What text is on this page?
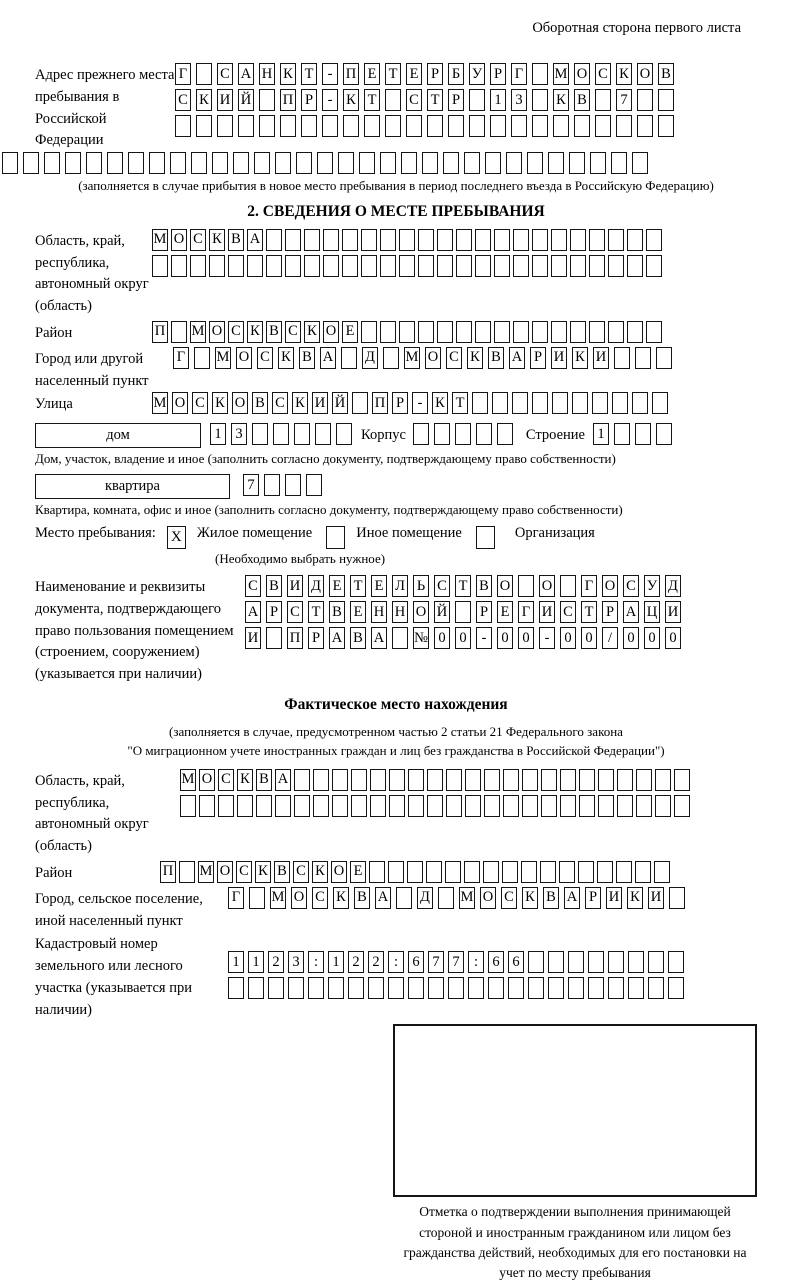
Оборотная сторона первого листа
Адрес прежнего места пребывания в Российской Федерации
Г С А Н К Т - П Е Т Е Р Б У Р Г М О С К О В
С К И Й П Р	- К Т С Т Р	1 3	К В	7
(заполняется в случае прибытия в новое место пребывания в период последнего въезда в Российскую Федерацию)
2. СВЕДЕНИЯ О МЕСТЕ ПРЕБЫВАНИЯ
Область, край, республика, автономный округ (область)
М О С К В А
Район	П М О С К В С К О Е
Город или другой населенный пункт
Г М О С К В А Д М О С К В А Р И К И
Улица	М О С К О В С К И Й П Р - К Т
дом	1 3	Корпус	Строение 1
Дом, участок, владение и иное (заполнить согласно документу, подтверждающему право собственности)
квартира	7
Квартира, комната, офис и иное (заполнить согласно документу, подтверждающему право собственности)
Место пребывания: X Жилое помещение	Иное помещение	Организация
(Необходимо выбрать нужное)
Наименование и реквизиты документа, подтверждающего право пользования помещением (строением, сооружением) (указывается при наличии)
С В И Д Е Т Е Л Ь С Т В О О Г О С У Д
А Р С Т В Е Н Н О Й Р Е Г И С Т Р А Ц И
И П Р А В А № 0 0	-	0 0	-	0 0	/	0 0 0
Фактическое место нахождения
(заполняется в случае, предусмотренном частью 2 статьи 21 Федерального закона
"О миграционном учете иностранных граждан и лиц без гражданства в Российской Федерации")
Область, край, республика, автономный округ (область)
М О С К В А
Район	П М О С К В С К О Е
Город, сельское поселение, иной населенный пункт
Г М О С К В А Д М О С К В А Р И К И
Кадастровый номер земельного или лесного участка (указывается при наличии)
1 1 2 3 : 1 2 2 : 6 7 7 : 6 6
Отметка о подтверждении выполнения принимающей стороной и иностранным гражданином или лицом без гражданства действий, необходимых для его постановки на учет по месту пребывания
